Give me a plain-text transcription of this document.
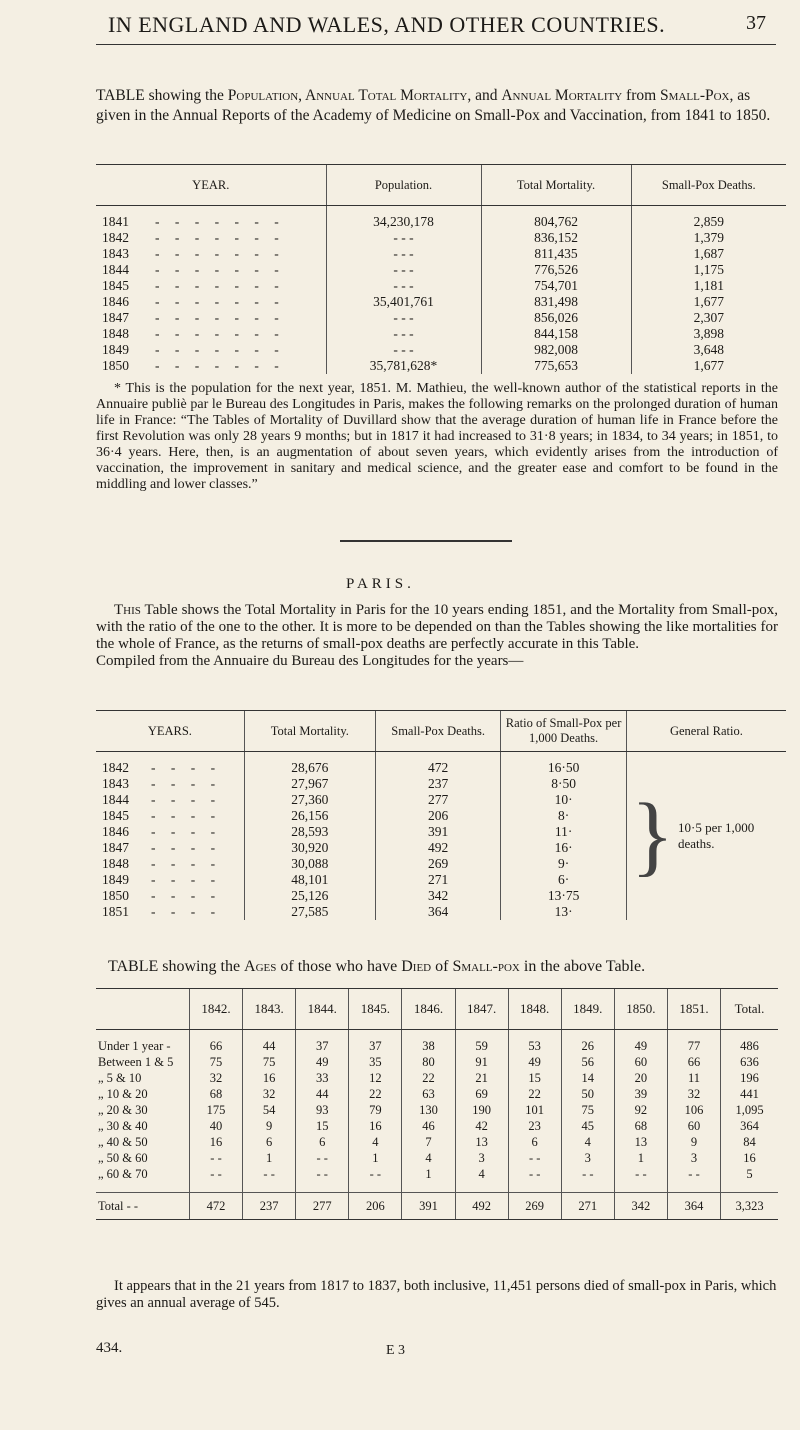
IN ENGLAND AND WALES, AND OTHER COUNTRIES.	37
TABLE showing the Population, Annual Total Mortality, and Annual Mortality from Small-Pox, as given in the Annual Reports of the Academy of Medicine on Small-Pox and Vaccination, from 1841 to 1850.
YEAR.	Population.	Total Mortality.	Small-Pox Deaths.
1841 - - - - - - -	34,230,178	804,762	2,859
1842 - - - - - - -	- - -	836,152	1,379
1843 - - - - - - -	- - -	811,435	1,687
1844 - - - - - - -	- - -	776,526	1,175
1845 - - - - - - -	- - -	754,701	1,181
1846 - - - - - - -	35,401,761	831,498	1,677
1847 - - - - - - -	- - -	856,026	2,307
1848 - - - - - - -	- - -	844,158	3,898
1849 - - - - - - -	- - -	982,008	3,648
1850 - - - - - - -	35,781,628*	775,653	1,677
* This is the population for the next year, 1851. M. Mathieu, the well-known author of the statistical reports in the Annuaire publiè par le Bureau des Longitudes in Paris, makes the following remarks on the prolonged duration of human life in France: “The Tables of Mortality of Duvillard show that the average duration of human life in France before the first Revolution was only 28 years 9 months; but in 1817 it had increased to 31·8 years; in 1834, to 34 years; in 1851, to 36·4 years. Here, then, is an augmentation of about seven years, which evidently arises from the introduction of vaccination, the improvement in sanitary and medical science, and the greater ease and comfort to be found in the middling and lower classes.”
PARIS.
This Table shows the Total Mortality in Paris for the 10 years ending 1851, and the Mortality from Small-pox, with the ratio of the one to the other. It is more to be depended on than the Tables showing the like mortalities for the whole of France, as the returns of small-pox deaths are perfectly accurate in this Table.
Compiled from the Annuaire du Bureau des Longitudes for the years—
YEARS.	Total Mortality.	Small-Pox Deaths.	Ratio of Small-Pox per 1,000 Deaths.	General Ratio.
1842 - - - -	28,676	472	16·50	} 10·5 per 1,000 deaths.

1843 - - - -	27,967	237	8·50	
1844 - - - -	27,360	277	10·	
1845 - - - -	26,156	206	8·	
1846 - - - -	28,593	391	11·	
1847 - - - -	30,920	492	16·	
1848 - - - -	30,088	269	9·	
1849 - - - -	48,101	271	6·	
1850 - - - -	25,126	342	13·75	
1851 - - - -	27,585	364	13·	
TABLE showing the Ages of those who have Died of Small-pox in the above Table.
	1842.	1843.	1844.	1845.	1846.	1847.	1848.	1849.	1850.	1851.	Total.
Under 1 year -	66	44	37	37	38	59	53	26	49	77	486
Between 1 & 5	75	75	49	35	80	91	49	56	60	66	636
„ 5 & 10	32	16	33	12	22	21	15	14	20	11	196
„ 10 & 20	68	32	44	22	63	69	22	50	39	32	441
„ 20 & 30	175	54	93	79	130	190	101	75	92	106	1,095
„ 30 & 40	40	9	15	16	46	42	23	45	68	60	364
„ 40 & 50	16	6	6	4	7	13	6	4	13	9	84
„ 50 & 60	- -	1	- -	1	4	3	- -	3	1	3	16
„ 60 & 70	- -	- -	- -	- -	1	4	- -	- -	- -	- -	5

Total - -	472	237	277	206	391	492	269	271	342	364	3,323
It appears that in the 21 years from 1817 to 1837, both inclusive, 11,451 persons died of small-pox in Paris, which gives an annual average of 545.
434.	E 3
